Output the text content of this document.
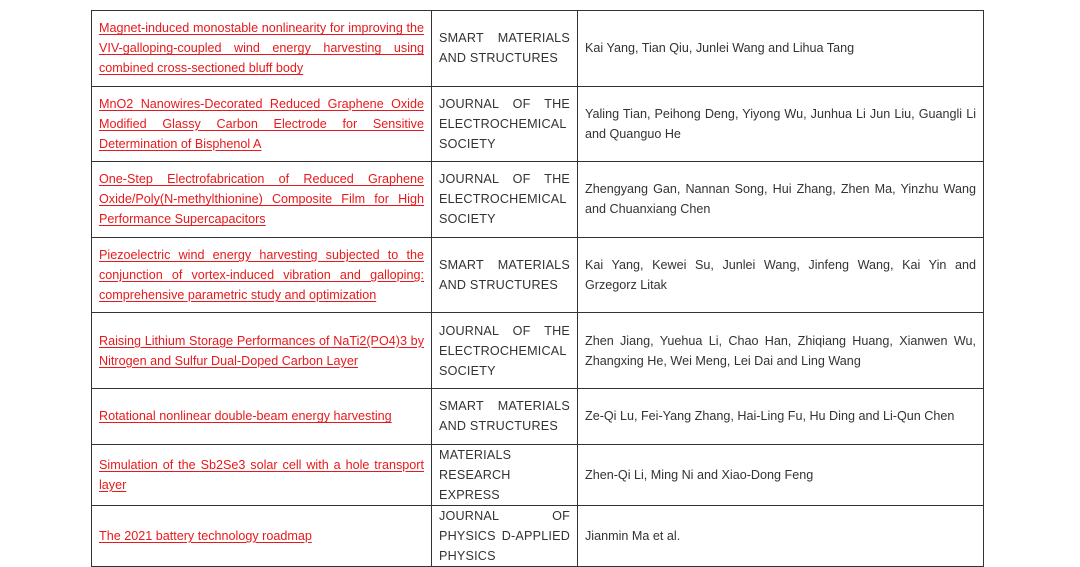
Magnet-induced monostable nonlinearity for improving the VIV-galloping-coupled wind energy harvesting using combined cross-sectioned bluff body	SMART MATERIALS AND STRUCTURES	Kai Yang, Tian Qiu, Junlei Wang and Lihua Tang
MnO2 Nanowires-Decorated Reduced Graphene Oxide Modified Glassy Carbon Electrode for Sensitive Determination of Bisphenol A	JOURNAL OF THE ELECTROCHEMICAL SOCIETY	Yaling Tian, Peihong Deng, Yiyong Wu, Junhua Li Jun Liu, Guangli Li and Quanguo He
One-Step Electrofabrication of Reduced Graphene Oxide/Poly(N-methylthionine) Composite Film for High Performance Supercapacitors	JOURNAL OF THE ELECTROCHEMICAL SOCIETY	Zhengyang Gan, Nannan Song, Hui Zhang, Zhen Ma, Yinzhu Wang and Chuanxiang Chen
Piezoelectric wind energy harvesting subjected to the conjunction of vortex-induced vibration and galloping: comprehensive parametric study and optimization	SMART MATERIALS AND STRUCTURES	Kai Yang, Kewei Su, Junlei Wang, Jinfeng Wang, Kai Yin and Grzegorz Litak
Raising Lithium Storage Performances of NaTi2(PO4)3 by Nitrogen and Sulfur Dual-Doped Carbon Layer	JOURNAL OF THE ELECTROCHEMICAL SOCIETY	Zhen Jiang, Yuehua Li, Chao Han, Zhiqiang Huang, Xianwen Wu, Zhangxing He, Wei Meng, Lei Dai and Ling Wang
Rotational nonlinear double-beam energy harvesting	SMART MATERIALS AND STRUCTURES	Ze-Qi Lu, Fei-Yang Zhang, Hai-Ling Fu, Hu Ding and Li-Qun Chen
Simulation of the Sb2Se3 solar cell with a hole transport layer	MATERIALS RESEARCH EXPRESS	Zhen-Qi Li, Ming Ni and Xiao-Dong Feng
The 2021 battery technology roadmap	JOURNAL OF PHYSICS D-APPLIED PHYSICS	Jianmin Ma et al.
